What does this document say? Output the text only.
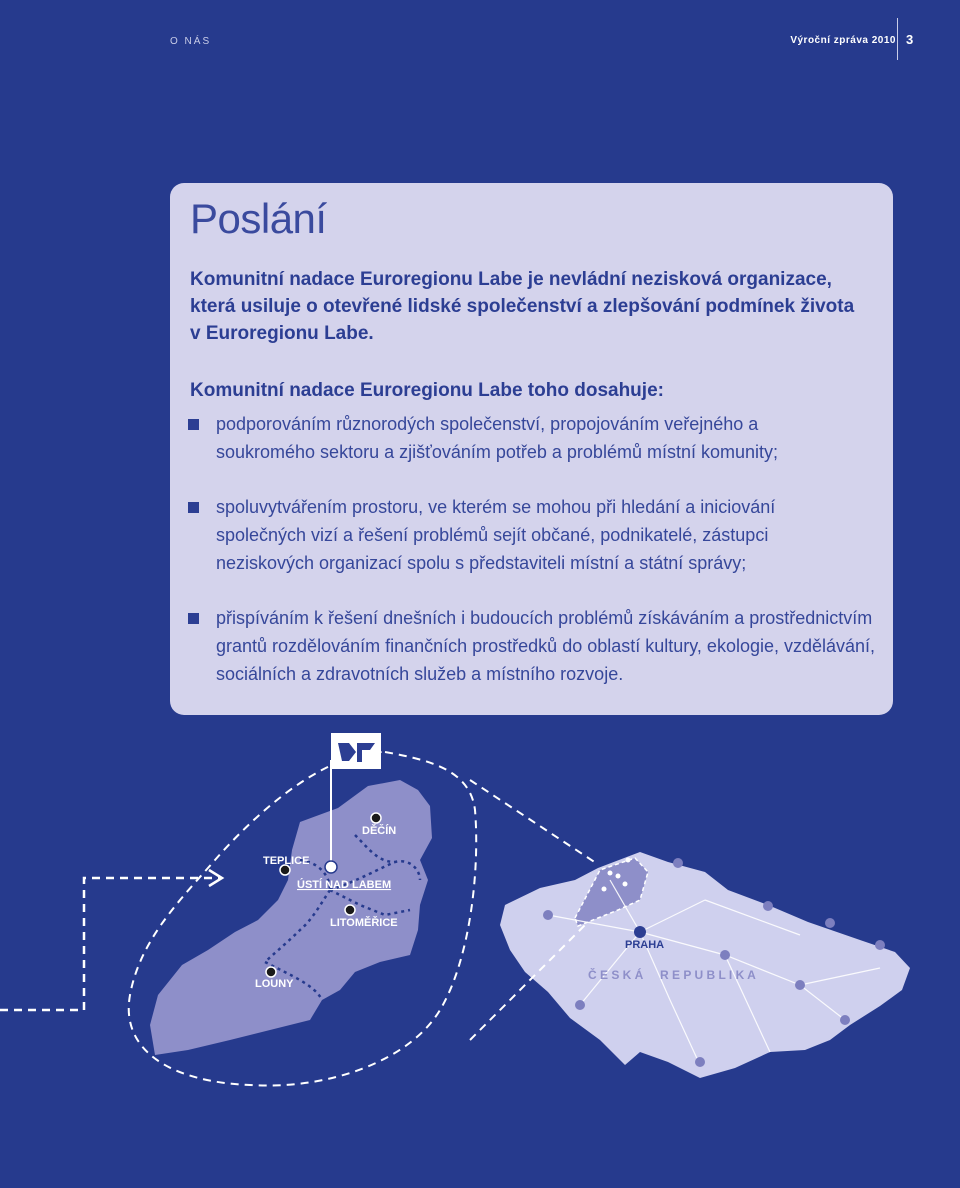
O NÁS	Výroční zpráva 2010 3
Poslání
Komunitní nadace Euroregionu Labe je nevládní nezisková organizace, která usiluje o otevřené lidské společenství a zlepšování podmínek života v Euroregionu Labe.
Komunitní nadace Euroregionu Labe toho dosahuje:
podporováním různorodých společenství, propojováním veřejného a soukromého sektoru a zjišťováním potřeb a problémů místní komunity;
spoluvytvářením prostoru, ve kterém se mohou při hledání a iniciování společných vizí a řešení problémů sejít občané, podnikatelé, zástupci neziskových organizací spolu s představiteli místní a státní správy;
přispíváním k řešení dnešních i budoucích problémů získáváním a prostřednictvím grantů rozdělováním finančních prostředků do oblastí kultury, ekologie, vzdělávání, sociálních a zdravotních služeb a místního rozvoje.
PRAHA
Č E S K Á     R E P U B L I K A
DĚČÍN
TEPLICE
ÚSTÍ NAD LABEM
LITOMĚŘICE
LOUNY
